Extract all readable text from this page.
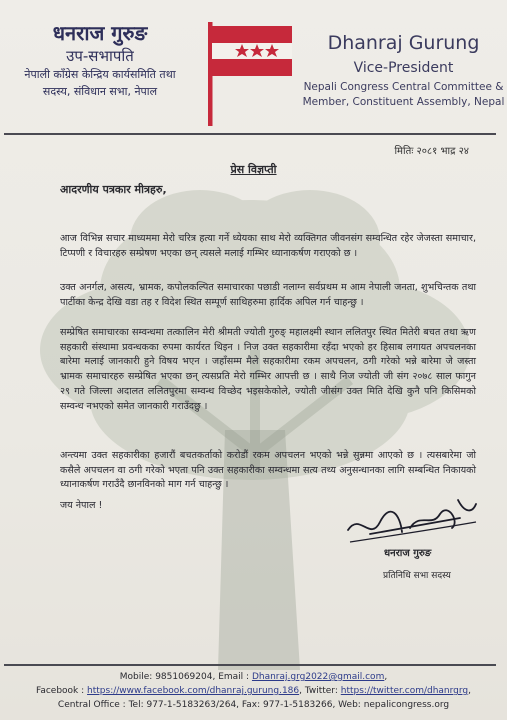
धनराज गुरुङ
उप-सभापति
नेपाली काँग्रेस केन्द्रिय कार्यसमिति तथा
सदस्य, संविधान सभा, नेपाल
Dhanraj Gurung
Vice-President
Nepali Congress Central Committee &
Member, Constituent Assembly, Nepal
मितिः २०८१ भाद्र २४
प्रेस विज्ञप्ती
आदरणीय पत्रकार मीत्रहरु,
आज विभिन्न सचार माध्यममा मेरो चरित्र हत्या गर्ने ध्येयका साथ मेरो व्यक्तिगत जीवनसंग सम्वन्धित रहेर जेजस्ता समाचार, टिप्पणी र विचारहरु सम्प्रेषण भएका छन् त्यसले मलाई गम्भिर ध्यानाकर्षण गराएको छ ।
उक्त अनर्गल, असत्य, भ्रामक, कपोलकल्पित समाचारका पछाडी नलाग्न सर्वप्रथम म आम नेपाली जनता, शुभचिन्तक तथा पार्टीका केन्द्र देखि वडा तह र विदेश स्थित सम्पूर्ण साथिहरुमा हार्दिक अपिल गर्न चाहन्छु ।
सम्प्रेषित समाचारका सम्वन्धमा तत्कालिन मेरी श्रीमती ज्योती गुरुङ्‍ महालक्ष्मी स्थान ललितपुर स्थित मितेरी बचत तथा ऋण सहकारी संस्थामा प्रवन्धकका रुपमा कार्यरत थिइन । निज उक्त सहकारीमा रहँदा भएको हर हिसाब लगायत अपचलनका बारेमा मलाई जानकारी हुने विषय भएन । जहाँसम्म मैले सहकारीमा रकम अपचलन, ठगी गरेको भन्ने बारेमा जे जस्ता भ्रामक समाचारहरु सम्प्रेषित भएका छन् त्यसप्रति मेरो गम्भिर आपत्ती छ । साथै निज ज्योती जी संग २०७८ साल फागुन २९ गते जिल्ला अदालत ललितपुरमा सम्वन्ध विच्छेद भइसकेकोले, ज्योती जीसंग उक्त मिति देखि कुनै पनि किसिमको सम्वन्ध नभएको समेत जानकारी गराउँदछु ।
अन्त्यमा उक्त सहकारीका हजारौं बचतकर्ताको करोडौं रकम अपचलन भएको भन्ने सुन्नमा आएको छ । त्यसबारेमा जो कसैले अपचलन वा ठगी गरेको भएता पनि उक्त सहकारीका सम्वन्धमा सत्य तथ्य अनुसन्धानका लागि सम्बन्धित निकायको ध्यानाकर्षण गराउँदै छानविनको माग गर्न चाहन्छु ।
जय नेपाल !
धनराज गुरुङ
प्रतिनिधि सभा सदस्य
Mobile: 9851069204, Email : Dhanraj.grg2022@gmail.com,
Facebook : https://www.facebook.com/dhanraj.gurung.186, Twitter: https://twitter.com/dhanrgrg,
Central Office : Tel: 977-1-5183263/264, Fax: 977-1-5183266, Web: nepalicongress.org
